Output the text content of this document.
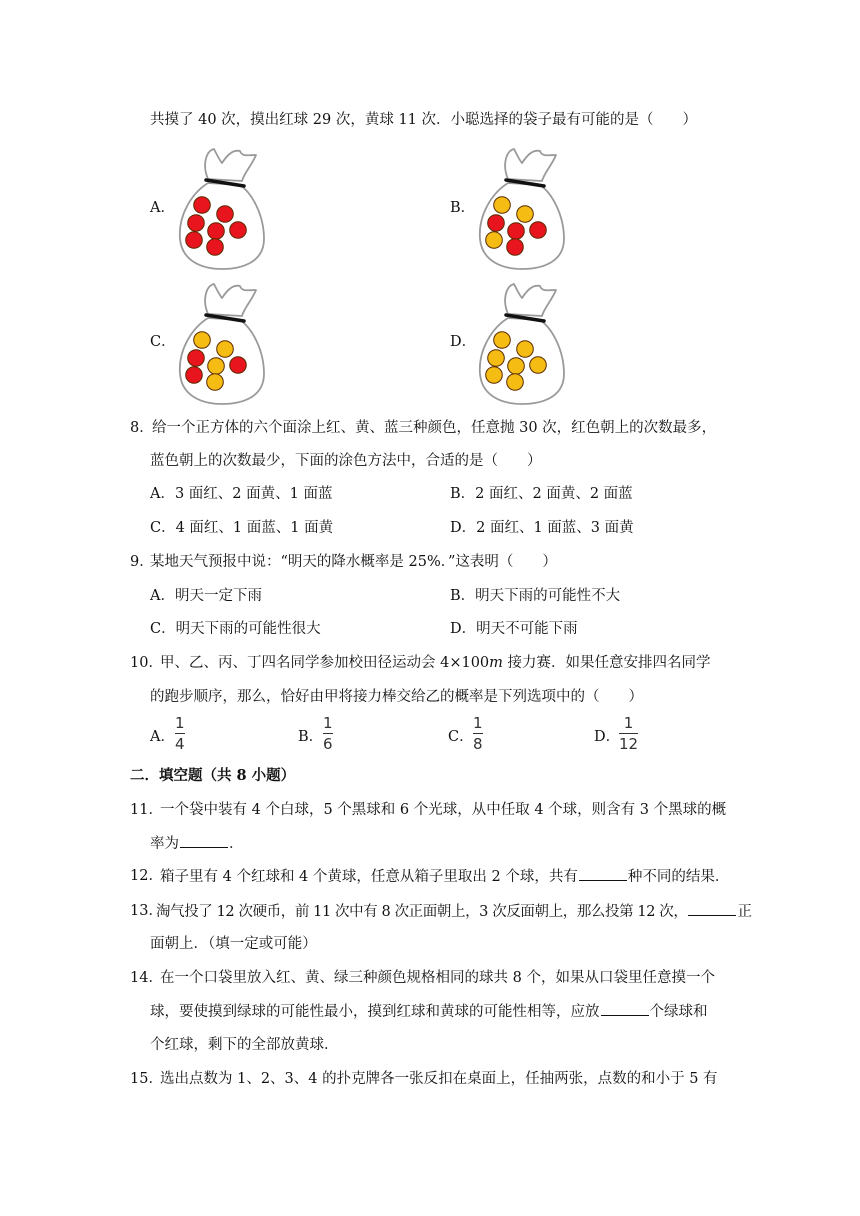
共摸了 40 次，摸出红球 29 次，黄球 11 次．小聪选择的袋子最有可能的是（　　）
A．	B．
C．	D．
8．
给一个正方体的六个面涂上红、黄、蓝三种颜色，任意抛 30 次，红色朝上的次数最多，
蓝色朝上的次数最少，下面的涂色方法中，合适的是（　　）
A．3 面红、2 面黄、1 面蓝	B．2 面红、2 面黄、2 面蓝
C．4 面红、1 面蓝、1 面黄	D．2 面红、1 面蓝、3 面黄
9．
某地天气预报中说：“明天的降水概率是 25%．”这表明（　　）
A．明天一定下雨	B．明天下雨的可能性不大
C．明天下雨的可能性很大	D．明天不可能下雨
10．
甲、乙、丙、丁四名同学参加校田径运动会 4×100m 接力赛．如果任意安排四名同学
的跑步顺序，那么，恰好由甲将接力棒交给乙的概率是下列选项中的（　　）
A．
1
4	B．
1
6	C．
1
8	D．
1
12
二．填空题（共 8 小题）
11．
一个袋中装有 4 个白球，5 个黑球和 6 个光球，从中任取 4 个球，则含有 3 个黑球的概
率为	．
12．
箱子里有 4 个红球和 4 个黄球，任意从箱子里取出 2 个球，共有	种不同的结果．
13．
淘气投了 12 次硬币，前 11 次中有 8 次正面朝上，3 次反面朝上，那么投第 12 次，	正
面朝上．（填一定或可能）
14．
在一个口袋里放入红、黄、绿三种颜色规格相同的球共 8 个，如果从口袋里任意摸一个
球，要使摸到绿球的可能性最小，摸到红球和黄球的可能性相等，应放	个绿球和
个红球，剩下的全部放黄球．
15．
选出点数为 1、2、3、4 的扑克牌各一张反扣在桌面上，任抽两张，点数的和小于 5 有
